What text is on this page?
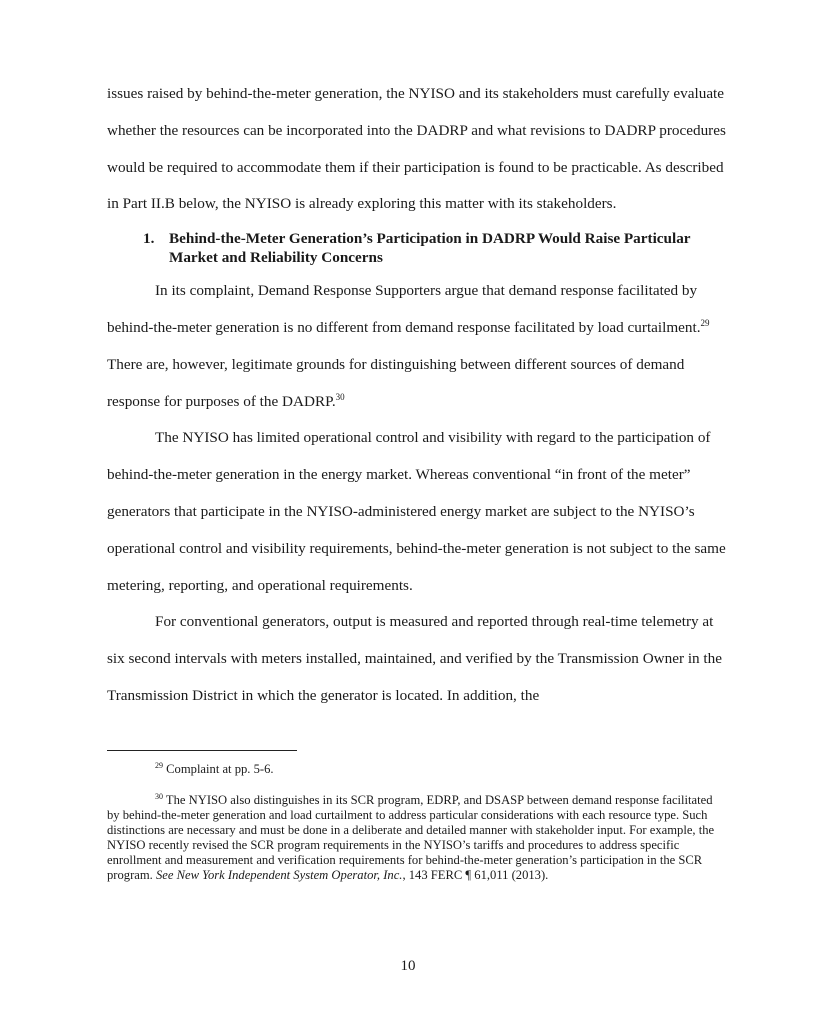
issues raised by behind-the-meter generation, the NYISO and its stakeholders must carefully evaluate whether the resources can be incorporated into the DADRP and what revisions to DADRP procedures would be required to accommodate them if their participation is found to be practicable. As described in Part II.B below, the NYISO is already exploring this matter with its stakeholders.

1. Behind-the-Meter Generation’s Participation in DADRP Would Raise Particular Market and Reliability Concerns

In its complaint, Demand Response Supporters argue that demand response facilitated by behind-the-meter generation is no different from demand response facilitated by load curtailment.$^{29}$ There are, however, legitimate grounds for distinguishing between different sources of demand response for purposes of the DADRP.$^{30}$

The NYISO has limited operational control and visibility with regard to the participation of behind-the-meter generation in the energy market. Whereas conventional “in front of the meter” generators that participate in the NYISO-administered energy market are subject to the NYISO’s operational control and visibility requirements, behind-the-meter generation is not subject to the same metering, reporting, and operational requirements.

For conventional generators, output is measured and reported through real-time telemetry at six second intervals with meters installed, maintained, and verified by the Transmission Owner in the Transmission District in which the generator is located. In addition, the

$^{29}$ Complaint at pp. 5-6.

$^{30}$ The NYISO also distinguishes in its SCR program, EDRP, and DSASP between demand response facilitated by behind-the-meter generation and load curtailment to address particular considerations with each resource type. Such distinctions are necessary and must be done in a deliberate and detailed manner with stakeholder input. For example, the NYISO recently revised the SCR program requirements in the NYISO’s tariffs and procedures to address specific enrollment and measurement and verification requirements for behind-the-meter generation’s participation in the SCR program. See New York Independent System Operator, Inc., 143 FERC ¶ 61,011 (2013).

10
